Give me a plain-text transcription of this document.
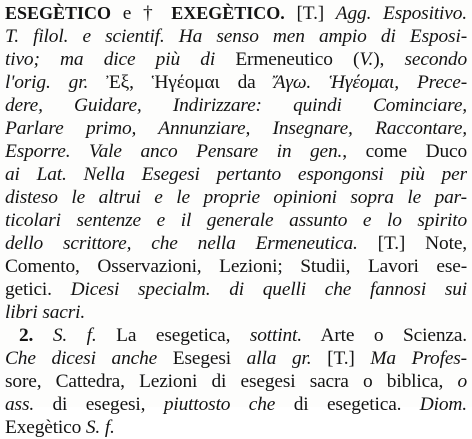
ESEGÈTICO e † EXEGÈTICO. [T.] Agg. Espositivo.
T. filol. e scientif. Ha senso men ampio di Esposi-
tivo; ma dice più di Ermeneutico (V.), secondo
l'orig. gr. Ἐξ, Ἡγέομαι da Ἄγω. Ἡγέομαι, Prece-
dere, Guidare, Indirizzare: quindi Cominciare,
Parlare primo, Annunziare, Insegnare, Raccontare,
Esporre. Vale anco Pensare in gen., come Duco
ai Lat. Nella Esegesi pertanto espongonsi più per
disteso le altrui e le proprie opinioni sopra le par-
ticolari sentenze e il generale assunto e lo spirito
dello scrittore, che nella Ermeneutica. [T.] Note,
Comento, Osservazioni, Lezioni; Studii, Lavori ese-
getici. Dicesi specialm. di quelli che fannosi sui
libri sacri.
2. S. f. La esegetica, sottint. Arte o Scienza.
Che dicesi anche Esegesi alla gr. [T.] Ma Profes-
sore, Cattedra, Lezioni di esegesi sacra o biblica, o
ass. di esegesi, piuttosto che di esegetica. Diom.
Exegètico S. f.
